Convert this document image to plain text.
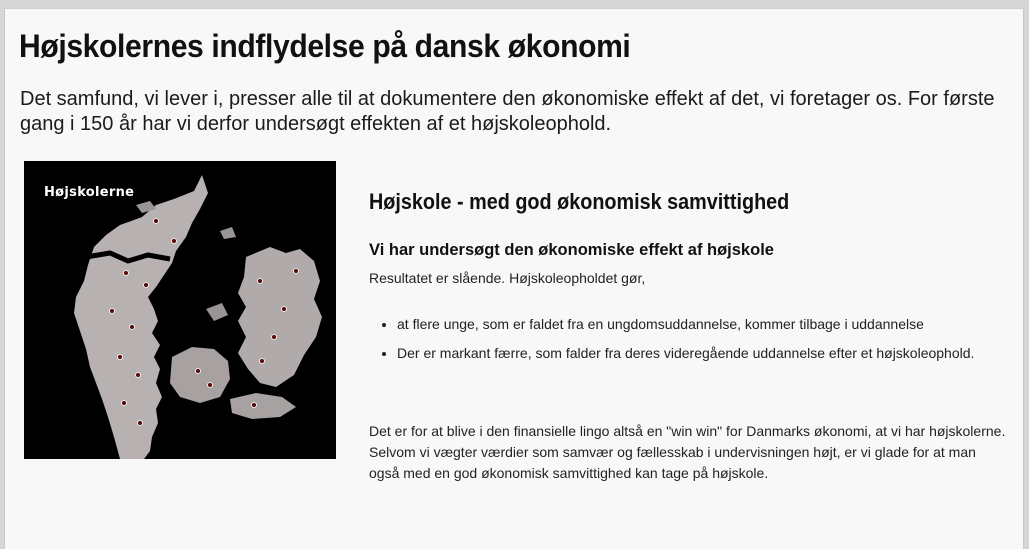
Højskolernes indflydelse på dansk økonomi

Det samfund, vi lever i, presser alle til at dokumentere den økonomiske effekt af det, vi foretager os. For første gang i 150 år har vi derfor undersøgt effekten af et højskoleophold.

Højskolerne	Højskole - med god økonomisk samvittighed
Vi har undersøgt den økonomiske effekt af højskole

Resultatet er slående. Højskoleopholdet gør,

• at flere unge, som er faldet fra en ungdomsuddannelse, kommer tilbage i uddannelse
• Der er markant færre, som falder fra deres videregående uddannelse efter et højskoleophold.

Det er for at blive i den finansielle lingo altså en "win win" for Danmarks økonomi, at vi har højskolerne. Selvom vi vægter værdier som samvær og fællesskab i undervisningen højt, er vi glade for at man også med en god økonomisk samvittighed kan tage på højskole.
